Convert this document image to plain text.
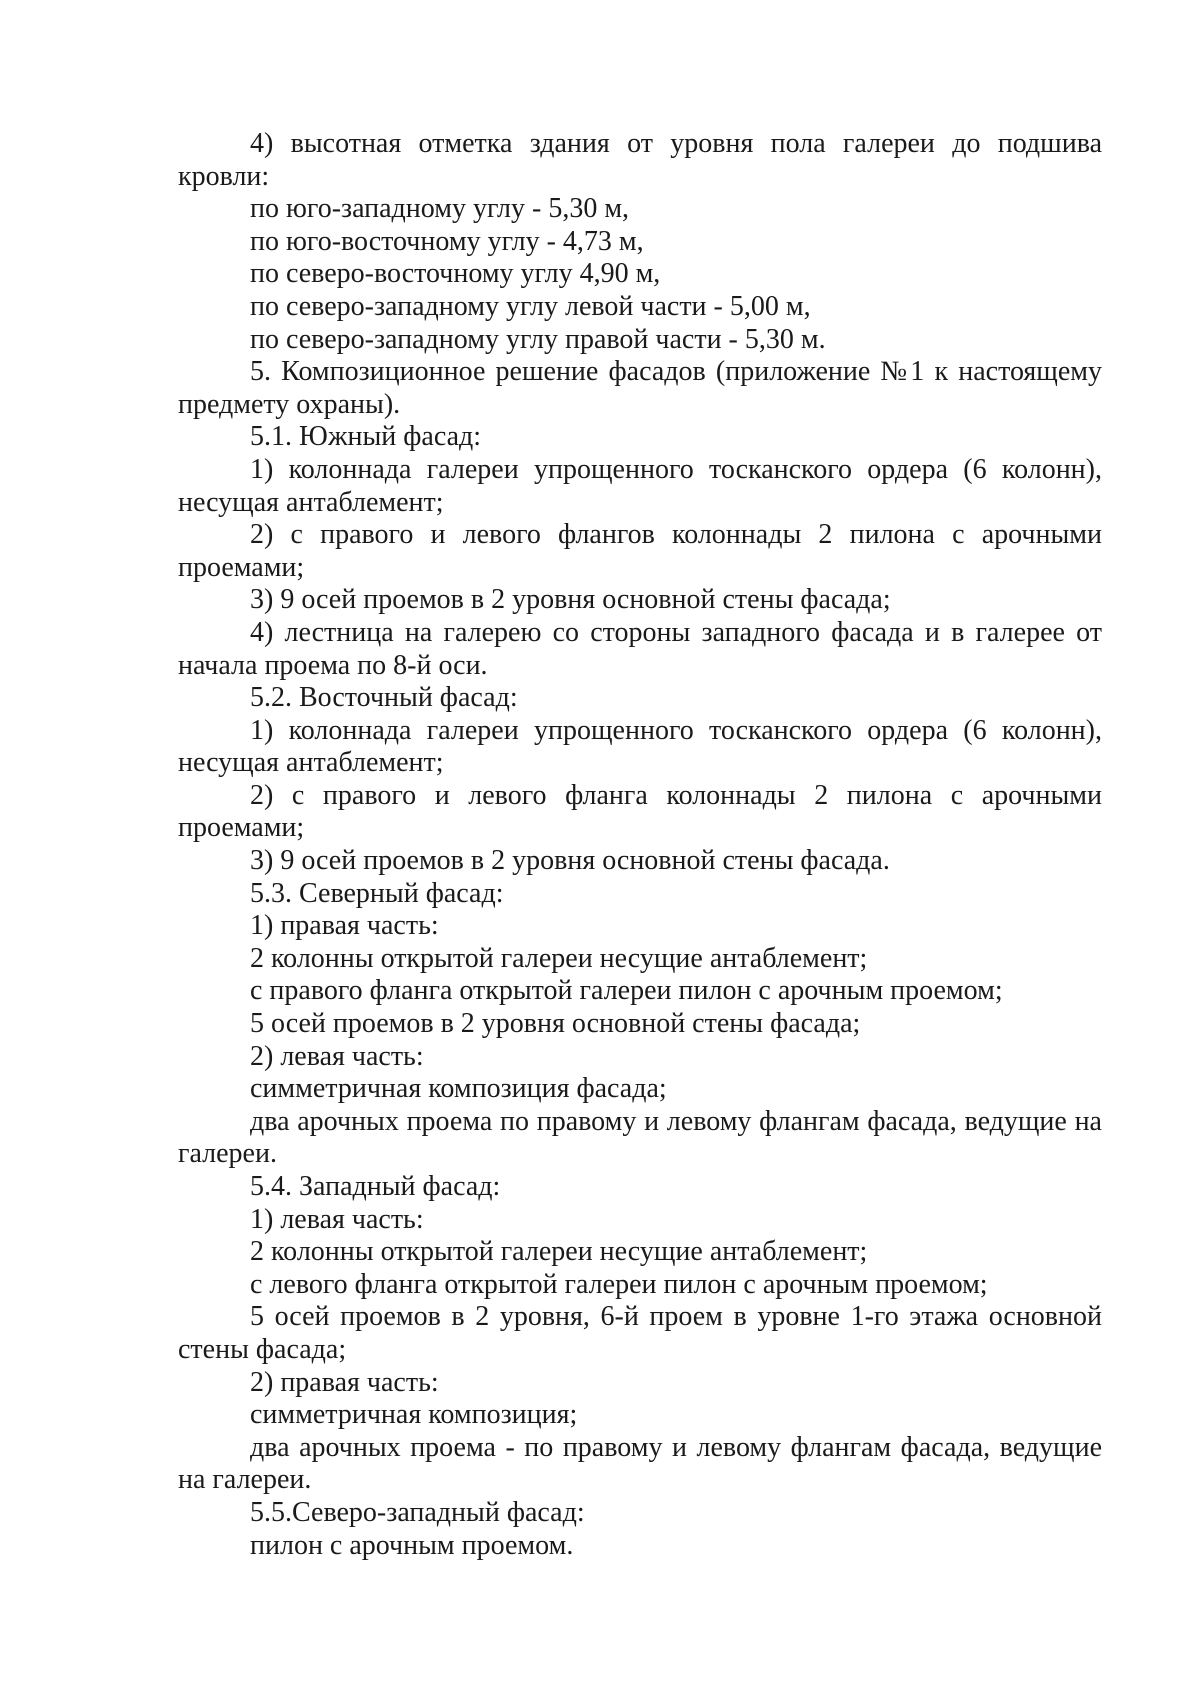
4) высотная отметка здания от уровня пола галереи до подшива кровли:

по юго-западному углу - 5,30 м,

по юго-восточному углу - 4,73 м,

по северо-восточному углу 4,90 м,

по северо-западному углу левой части - 5,00 м,

по северо-западному углу правой части - 5,30 м.

5. Композиционное решение фасадов (приложение №1 к настоящему предмету охраны).

5.1. Южный фасад:

1) колоннада галереи упрощенного тосканского ордера (6 колонн), несущая антаблемент;

2) с правого и левого флангов колоннады 2 пилона с арочными проемами;

3) 9 осей проемов в 2 уровня основной стены фасада;

4) лестница на галерею со стороны западного фасада и в галерее от начала проема по 8-й оси.

5.2. Восточный фасад:

1) колоннада галереи упрощенного тосканского ордера (6 колонн), несущая антаблемент;

2) с правого и левого фланга колоннады 2 пилона с арочными проемами;

3) 9 осей проемов в 2 уровня основной стены фасада.

5.3. Северный фасад:

1) правая часть:

2 колонны открытой галереи несущие антаблемент;

с правого фланга открытой галереи пилон с арочным проемом;

5 осей проемов в 2 уровня основной стены фасада;

2) левая часть:

симметричная композиция фасада;

два арочных проема по правому и левому флангам фасада, ведущие на галереи.

5.4. Западный фасад:

1) левая часть:

2 колонны открытой галереи несущие антаблемент;

с левого фланга открытой галереи пилон с арочным проемом;

5 осей проемов в 2 уровня, 6-й проем в уровне 1-го этажа основной стены фасада;

2) правая часть:

симметричная композиция;

два арочных проема - по правому и левому флангам фасада, ведущие на галереи.

5.5.Северо-западный фасад:

пилон с арочным проемом.
